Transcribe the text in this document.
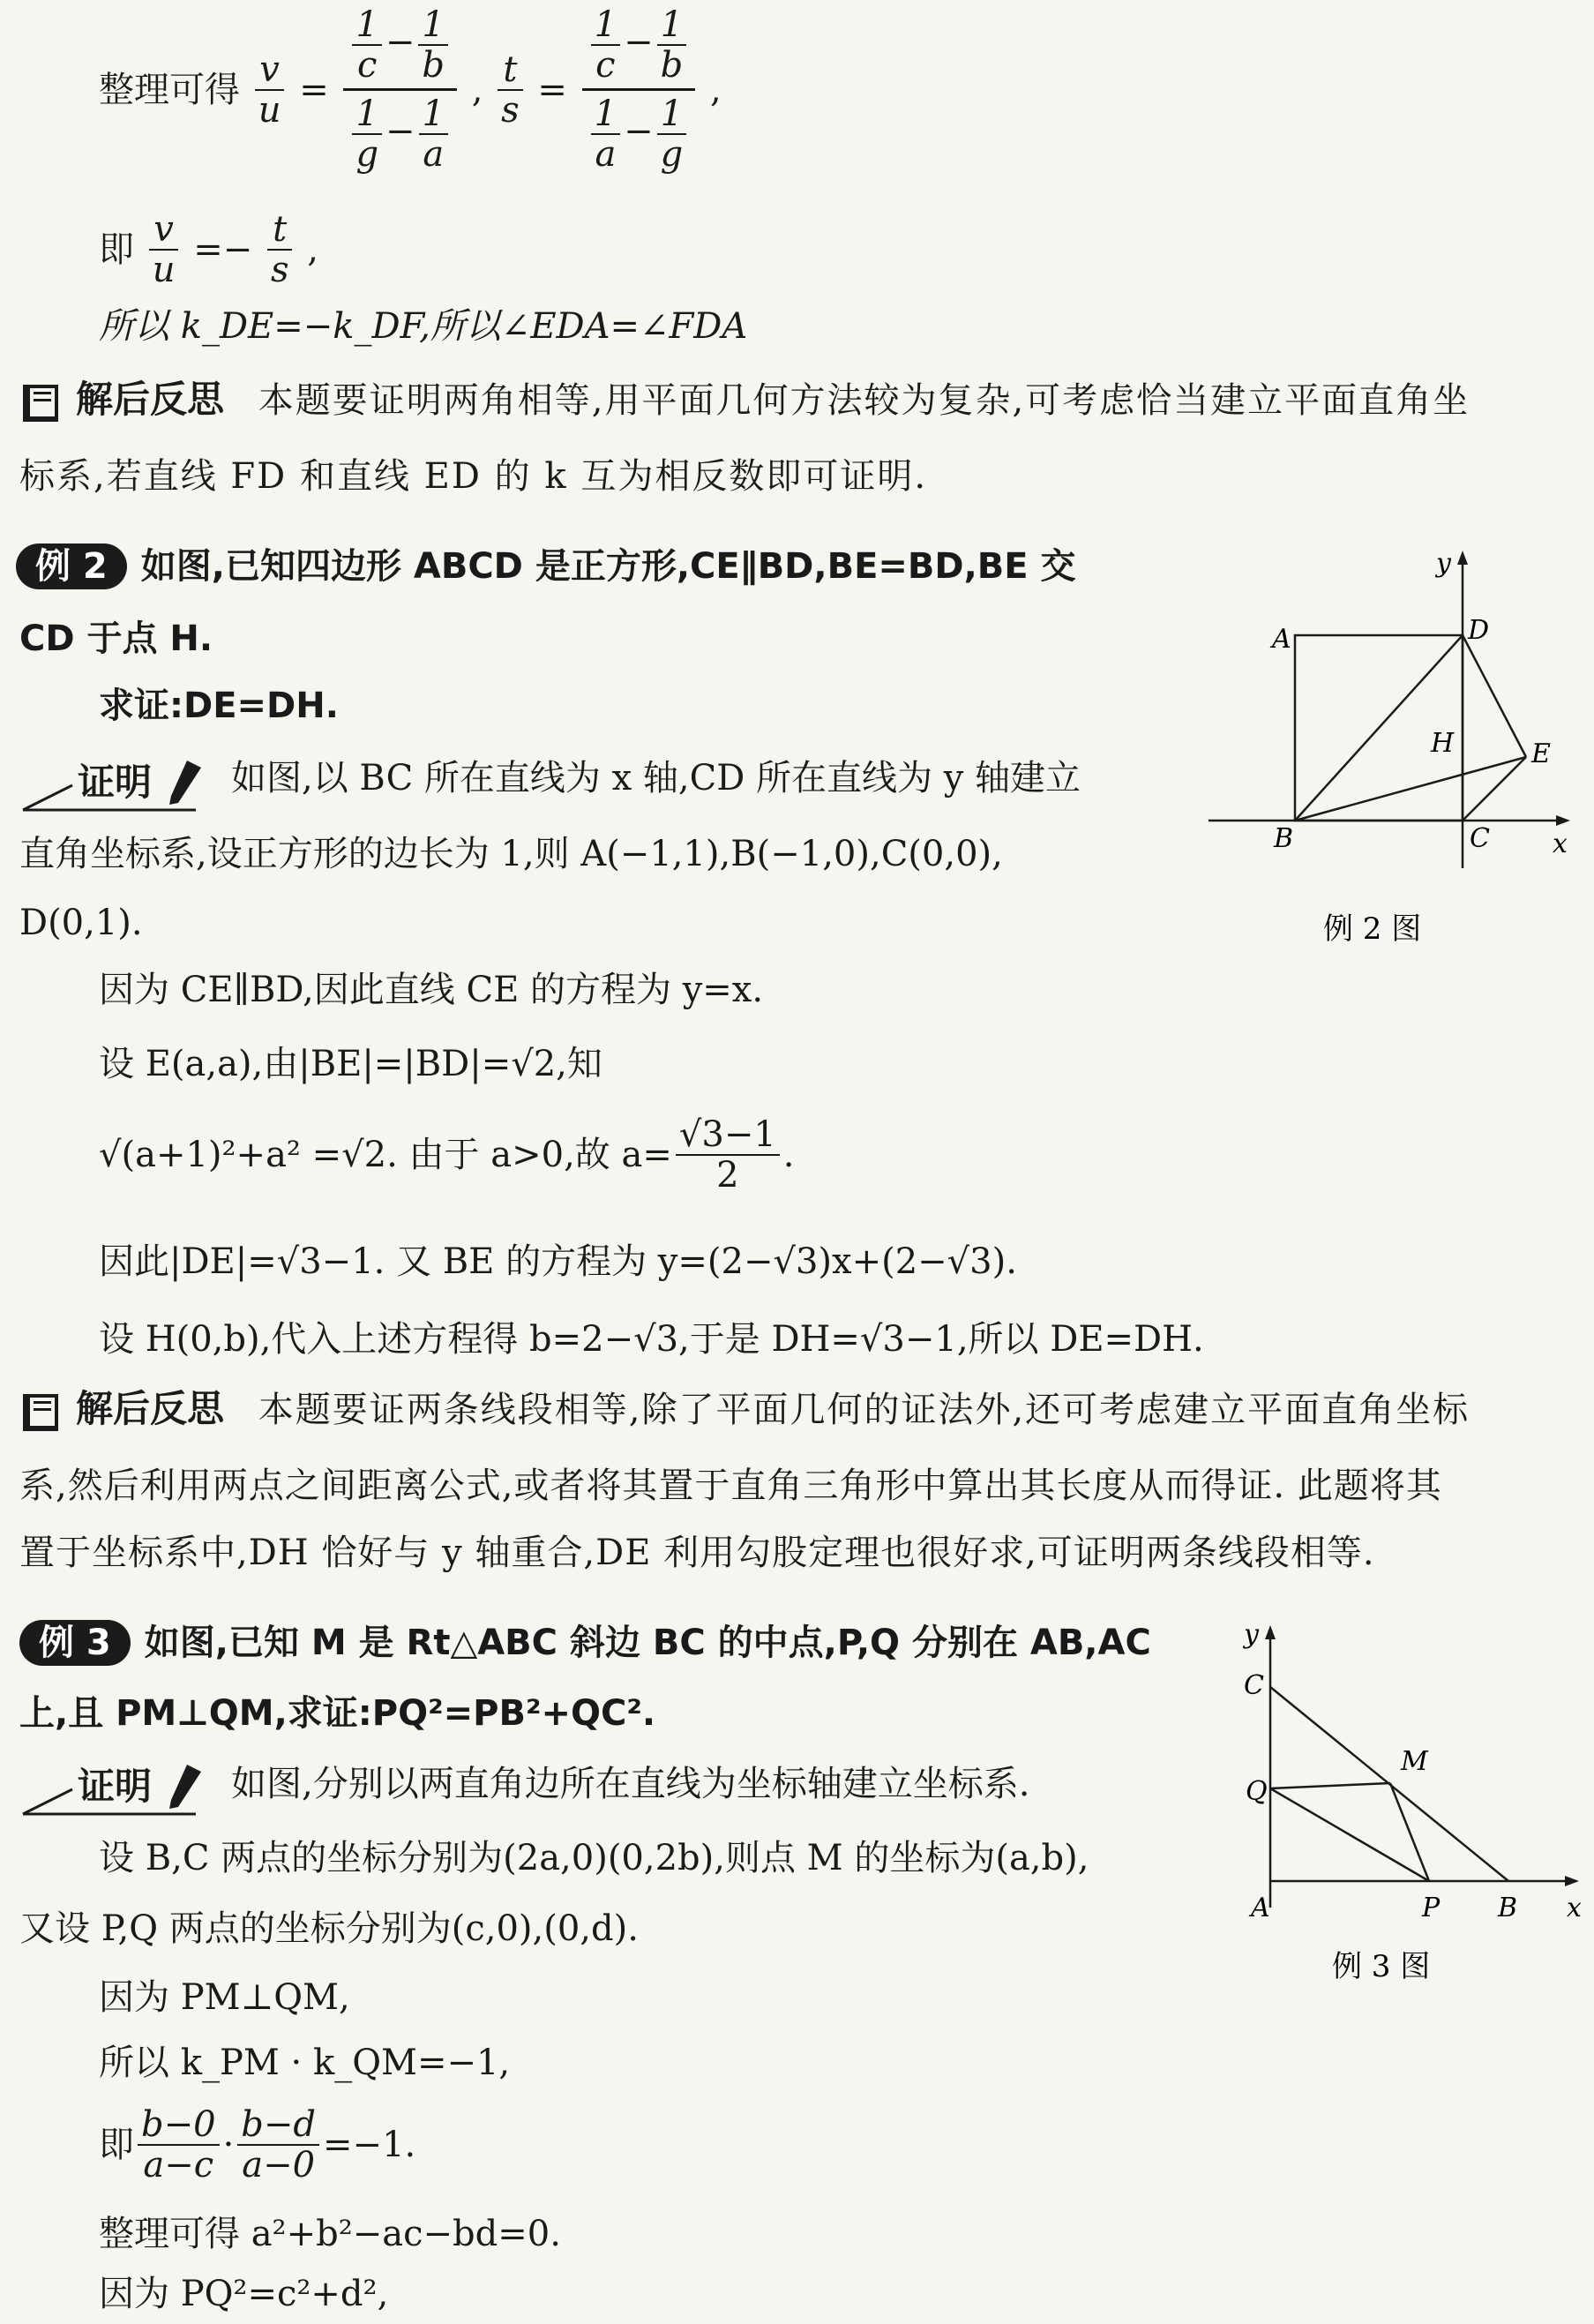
整理可得 $\frac{v}{u} = \frac{\frac{1}{c} - \frac{1}{b}}{\frac{1}{g} - \frac{1}{a}}$ , $\frac{t}{s} = \frac{\frac{1}{c} - \frac{1}{b}}{\frac{1}{a} - \frac{1}{g}}$ ,
即 $\frac{v}{u} =- \frac{t}{s}$ ,
所以 k_DE=−k_DF,所以∠EDA=∠FDA
解后反思 本题要证明两角相等,用平面几何方法较为复杂,可考虑恰当建立平面直角坐
标系,若直线 FD 和直线 ED 的 k 互为相反数即可证明.
例 2 如图,已知四边形 ABCD 是正方形,CE∥BD,BE=BD,BE 交
CD 于点 H.
求证:DE=DH.
证明 如图,以 BC 所在直线为 x 轴,CD 所在直线为 y 轴建立
直角坐标系,设正方形的边长为 1,则 A(−1,1),B(−1,0),C(0,0),
D(0,1).
因为 CE∥BD,因此直线 CE 的方程为 y=x.
设 E(a,a),由|BE|=|BD|=√2,知
√(a+1)²+a² =√2. 由于 a>0,故 $a= \frac{√3-1}{2}$ .
因此|DE|=√3−1. 又 BE 的方程为 y=(2−√3)x+(2−√3).
设 H(0,b),代入上述方程得 b=2−√3,于是 DH=√3−1,所以 DE=DH.
A
B	C
D
E
H
x
y
例 2 图
解后反思 本题要证两条线段相等,除了平面几何的证法外,还可考虑建立平面直角坐标
系,然后利用两点之间距离公式,或者将其置于直角三角形中算出其长度从而得证. 此题将其
置于坐标系中,DH 恰好与 y 轴重合,DE 利用勾股定理也很好求,可证明两条线段相等.
例 3 如图,已知 M 是 Rt△ABC 斜边 BC 的中点,P,Q 分别在 AB,AC
上,且 PM⊥QM,求证:PQ²=PB²+QC².
证明 如图,分别以两直角边所在直线为坐标轴建立坐标系.
设 B,C 两点的坐标分别为(2a,0)(0,2b),则点 M 的坐标为(a,b),
又设 P,Q 两点的坐标分别为(c,0),(0,d).
因为 PM⊥QM,
所以 k_PM · k_QM=−1,
即 $\frac{b-0}{a-c} \cdot \frac{b-d}{a-0} =-1$.
整理可得 a²+b²−ac−bd=0.
因为 PQ²=c²+d²,
C
Q
M
A	P B x
y
例 3 图
